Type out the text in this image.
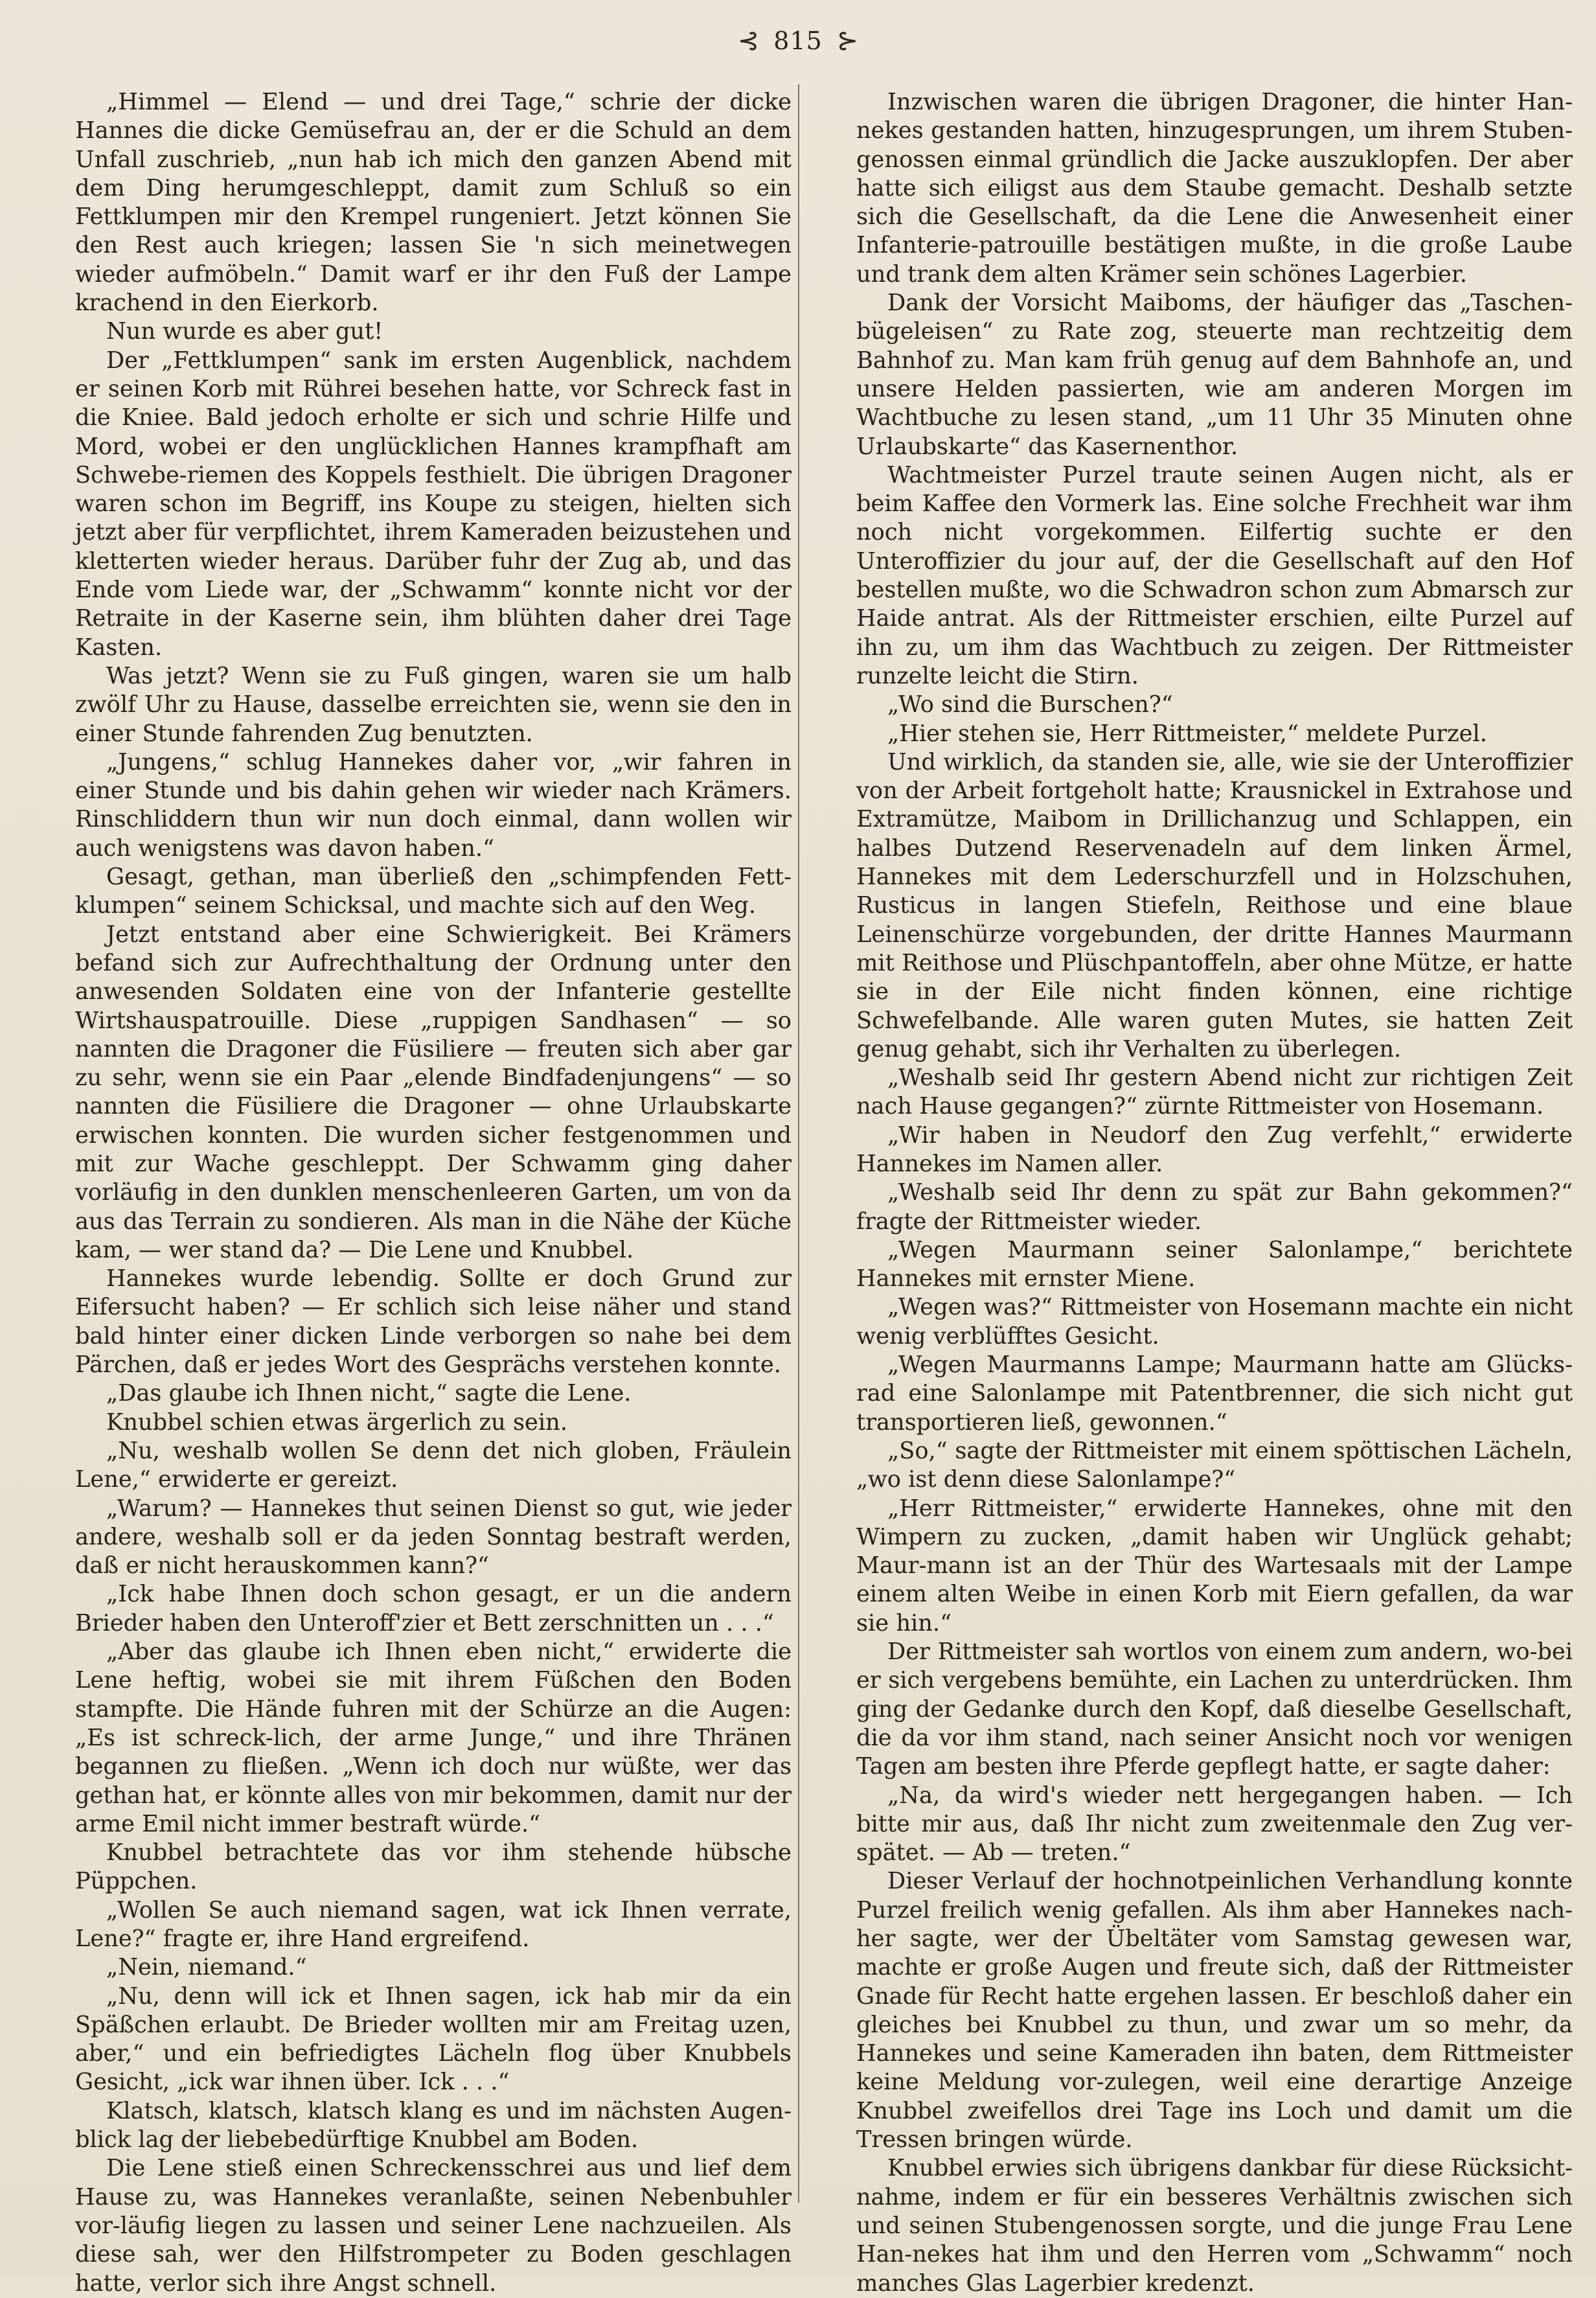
⊰ 815 ⊱

„Himmel — Elend — und drei Tage,“ schrie der dicke Hannes die dicke Gemüsefrau an, der er die Schuld an dem Unfall zuschrieb, „nun hab ich mich den ganzen Abend mit dem Ding herumgeschleppt, damit zum Schluß so ein Fettklumpen mir den Krempel rungeniert. Jetzt können Sie den Rest auch kriegen; lassen Sie 'n sich meinetwegen wieder aufmöbeln.“ Damit warf er ihr den Fuß der Lampe krachend in den Eierkorb.

Nun wurde es aber gut!

Der „Fettklumpen“ sank im ersten Augenblick, nachdem er seinen Korb mit Rührei besehen hatte, vor Schreck fast in die Kniee. Bald jedoch erholte er sich und schrie Hilfe und Mord, wobei er den unglücklichen Hannes krampfhaft am Schwebe-riemen des Koppels festhielt. Die übrigen Dragoner waren schon im Begriff, ins Koupe zu steigen, hielten sich jetzt aber für verpflichtet, ihrem Kameraden beizustehen und kletterten wieder heraus. Darüber fuhr der Zug ab, und das Ende vom Liede war, der „Schwamm“ konnte nicht vor der Retraite in der Kaserne sein, ihm blühten daher drei Tage Kasten.

Was jetzt? Wenn sie zu Fuß gingen, waren sie um halb zwölf Uhr zu Hause, dasselbe erreichten sie, wenn sie den in einer Stunde fahrenden Zug benutzten.

„Jungens,“ schlug Hannekes daher vor, „wir fahren in einer Stunde und bis dahin gehen wir wieder nach Krämers. Rinschliddern thun wir nun doch einmal, dann wollen wir auch wenigstens was davon haben.“

Gesagt, gethan, man überließ den „schimpfenden Fett-klumpen“ seinem Schicksal, und machte sich auf den Weg.

Jetzt entstand aber eine Schwierigkeit. Bei Krämers befand sich zur Aufrechthaltung der Ordnung unter den anwesenden Soldaten eine von der Infanterie gestellte Wirtshauspatrouille. Diese „ruppigen Sandhasen“ — so nannten die Dragoner die Füsiliere — freuten sich aber gar zu sehr, wenn sie ein Paar „elende Bindfadenjungens“ — so nannten die Füsiliere die Dragoner — ohne Urlaubskarte erwischen konnten. Die wurden sicher festgenommen und mit zur Wache geschleppt. Der Schwamm ging daher vorläufig in den dunklen menschenleeren Garten, um von da aus das Terrain zu sondieren. Als man in die Nähe der Küche kam, — wer stand da? — Die Lene und Knubbel.

Hannekes wurde lebendig. Sollte er doch Grund zur Eifersucht haben? — Er schlich sich leise näher und stand bald hinter einer dicken Linde verborgen so nahe bei dem Pärchen, daß er jedes Wort des Gesprächs verstehen konnte.

„Das glaube ich Ihnen nicht,“ sagte die Lene.

Knubbel schien etwas ärgerlich zu sein.

„Nu, weshalb wollen Se denn det nich globen, Fräulein Lene,“ erwiderte er gereizt.

„Warum? — Hannekes thut seinen Dienst so gut, wie jeder andere, weshalb soll er da jeden Sonntag bestraft werden, daß er nicht herauskommen kann?“

„Ick habe Ihnen doch schon gesagt, er un die andern Brieder haben den Unteroff'zier et Bett zerschnitten un . . .“

„Aber das glaube ich Ihnen eben nicht,“ erwiderte die Lene heftig, wobei sie mit ihrem Füßchen den Boden stampfte. Die Hände fuhren mit der Schürze an die Augen: „Es ist schreck-lich, der arme Junge,“ und ihre Thränen begannen zu fließen. „Wenn ich doch nur wüßte, wer das gethan hat, er könnte alles von mir bekommen, damit nur der arme Emil nicht immer bestraft würde.“

Knubbel betrachtete das vor ihm stehende hübsche Püppchen.

„Wollen Se auch niemand sagen, wat ick Ihnen verrate, Lene?“ fragte er, ihre Hand ergreifend.

„Nein, niemand.“

„Nu, denn will ick et Ihnen sagen, ick hab mir da ein Späßchen erlaubt. De Brieder wollten mir am Freitag uzen, aber,“ und ein befriedigtes Lächeln flog über Knubbels Gesicht, „ick war ihnen über. Ick . . .“

Klatsch, klatsch, klatsch klang es und im nächsten Augen-blick lag der liebebedürftige Knubbel am Boden.

Die Lene stieß einen Schreckensschrei aus und lief dem Hause zu, was Hannekes veranlaßte, seinen Nebenbuhler vor-läufig liegen zu lassen und seiner Lene nachzueilen. Als diese sah, wer den Hilfstrompeter zu Boden geschlagen hatte, verlor sich ihre Angst schnell.

Inzwischen waren die übrigen Dragoner, die hinter Han-nekes gestanden hatten, hinzugesprungen, um ihrem Stuben-genossen einmal gründlich die Jacke auszuklopfen. Der aber hatte sich eiligst aus dem Staube gemacht. Deshalb setzte sich die Gesellschaft, da die Lene die Anwesenheit einer Infanterie-patrouille bestätigen mußte, in die große Laube und trank dem alten Krämer sein schönes Lagerbier.

Dank der Vorsicht Maiboms, der häufiger das „Taschen-bügeleisen“ zu Rate zog, steuerte man rechtzeitig dem Bahnhof zu. Man kam früh genug auf dem Bahnhofe an, und unsere Helden passierten, wie am anderen Morgen im Wachtbuche zu lesen stand, „um 11 Uhr 35 Minuten ohne Urlaubskarte“ das Kasernenthor.

Wachtmeister Purzel traute seinen Augen nicht, als er beim Kaffee den Vormerk las. Eine solche Frechheit war ihm noch nicht vorgekommen. Eilfertig suchte er den Unteroffizier du jour auf, der die Gesellschaft auf den Hof bestellen mußte, wo die Schwadron schon zum Abmarsch zur Haide antrat. Als der Rittmeister erschien, eilte Purzel auf ihn zu, um ihm das Wachtbuch zu zeigen. Der Rittmeister runzelte leicht die Stirn.

„Wo sind die Burschen?“

„Hier stehen sie, Herr Rittmeister,“ meldete Purzel.

Und wirklich, da standen sie, alle, wie sie der Unteroffizier von der Arbeit fortgeholt hatte; Krausnickel in Extrahose und Extramütze, Maibom in Drillichanzug und Schlappen, ein halbes Dutzend Reservenadeln auf dem linken Ärmel, Hannekes mit dem Lederschurzfell und in Holzschuhen, Rusticus in langen Stiefeln, Reithose und eine blaue Leinenschürze vorgebunden, der dritte Hannes Maurmann mit Reithose und Plüschpantoffeln, aber ohne Mütze, er hatte sie in der Eile nicht finden können, eine richtige Schwefelbande. Alle waren guten Mutes, sie hatten Zeit genug gehabt, sich ihr Verhalten zu überlegen.

„Weshalb seid Ihr gestern Abend nicht zur richtigen Zeit nach Hause gegangen?“ zürnte Rittmeister von Hosemann.

„Wir haben in Neudorf den Zug verfehlt,“ erwiderte Hannekes im Namen aller.

„Weshalb seid Ihr denn zu spät zur Bahn gekommen?“ fragte der Rittmeister wieder.

„Wegen Maurmann seiner Salonlampe,“ berichtete Hannekes mit ernster Miene.

„Wegen was?“ Rittmeister von Hosemann machte ein nicht wenig verblüfftes Gesicht.

„Wegen Maurmanns Lampe; Maurmann hatte am Glücks-rad eine Salonlampe mit Patentbrenner, die sich nicht gut transportieren ließ, gewonnen.“

„So,“ sagte der Rittmeister mit einem spöttischen Lächeln, „wo ist denn diese Salonlampe?“

„Herr Rittmeister,“ erwiderte Hannekes, ohne mit den Wimpern zu zucken, „damit haben wir Unglück gehabt; Maur-mann ist an der Thür des Wartesaals mit der Lampe einem alten Weibe in einen Korb mit Eiern gefallen, da war sie hin.“

Der Rittmeister sah wortlos von einem zum andern, wo-bei er sich vergebens bemühte, ein Lachen zu unterdrücken. Ihm ging der Gedanke durch den Kopf, daß dieselbe Gesellschaft, die da vor ihm stand, nach seiner Ansicht noch vor wenigen Tagen am besten ihre Pferde gepflegt hatte, er sagte daher:

„Na, da wird's wieder nett hergegangen haben. — Ich bitte mir aus, daß Ihr nicht zum zweitenmale den Zug ver-spätet. — Ab — treten.“

Dieser Verlauf der hochnotpeinlichen Verhandlung konnte Purzel freilich wenig gefallen. Als ihm aber Hannekes nach-her sagte, wer der Übeltäter vom Samstag gewesen war, machte er große Augen und freute sich, daß der Rittmeister Gnade für Recht hatte ergehen lassen. Er beschloß daher ein gleiches bei Knubbel zu thun, und zwar um so mehr, da Hannekes und seine Kameraden ihn baten, dem Rittmeister keine Meldung vor-zulegen, weil eine derartige Anzeige Knubbel zweifellos drei Tage ins Loch und damit um die Tressen bringen würde.

Knubbel erwies sich übrigens dankbar für diese Rücksicht-nahme, indem er für ein besseres Verhältnis zwischen sich und seinen Stubengenossen sorgte, und die junge Frau Lene Han-nekes hat ihm und den Herren vom „Schwamm“ noch manches Glas Lagerbier kredenzt.
